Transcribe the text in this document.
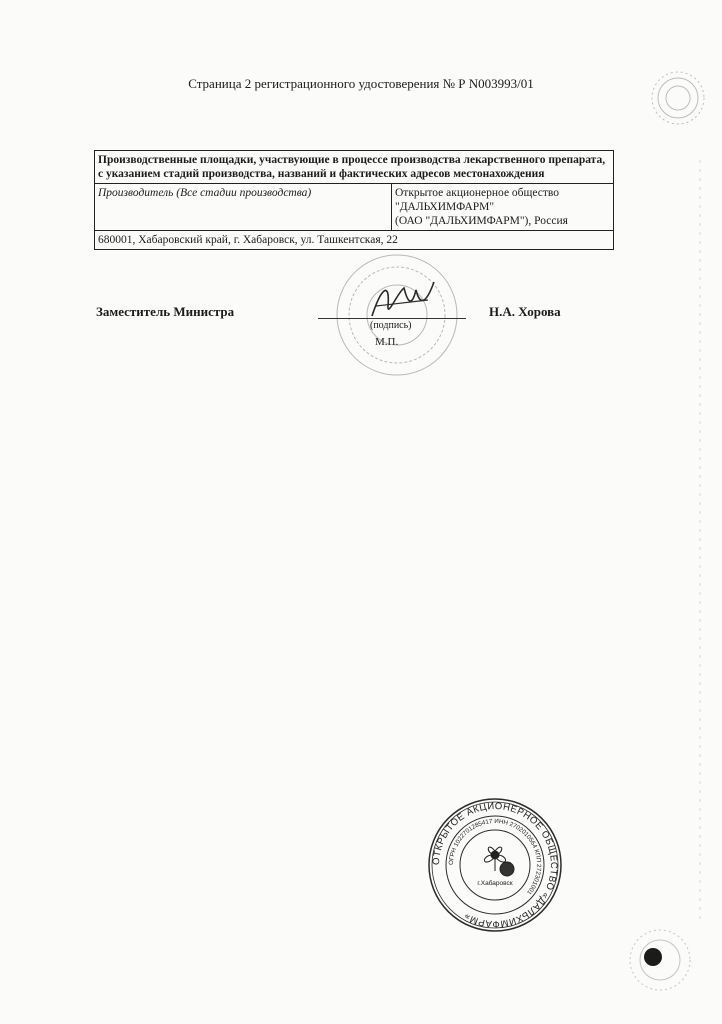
Страница 2 регистрационного удостоверения № Р N003993/01
Производственные площадки, участвующие в процессе производства лекарственного препарата, с указанием стадий производства, названий и фактических адресов местонахождения
Производитель (Все стадии производства)	Открытое акционерное общество
"ДАЛЬХИМФАРМ"
(ОАО "ДАЛЬХИМФАРМ"), Россия

680001, Хабаровский край, г. Хабаровск, ул. Ташкентская, 22
Заместитель Министра
(подпись)
М.П.
Н.А. Хорова
ОТКРЫТОЕ АКЦИОНЕРНОЕ ОБЩЕСТВО «ДАЛЬХИМФАРМ»
ОГРН 1022701285417 ИНН 2702010564 КПП 272301001
г.Хабаровск
